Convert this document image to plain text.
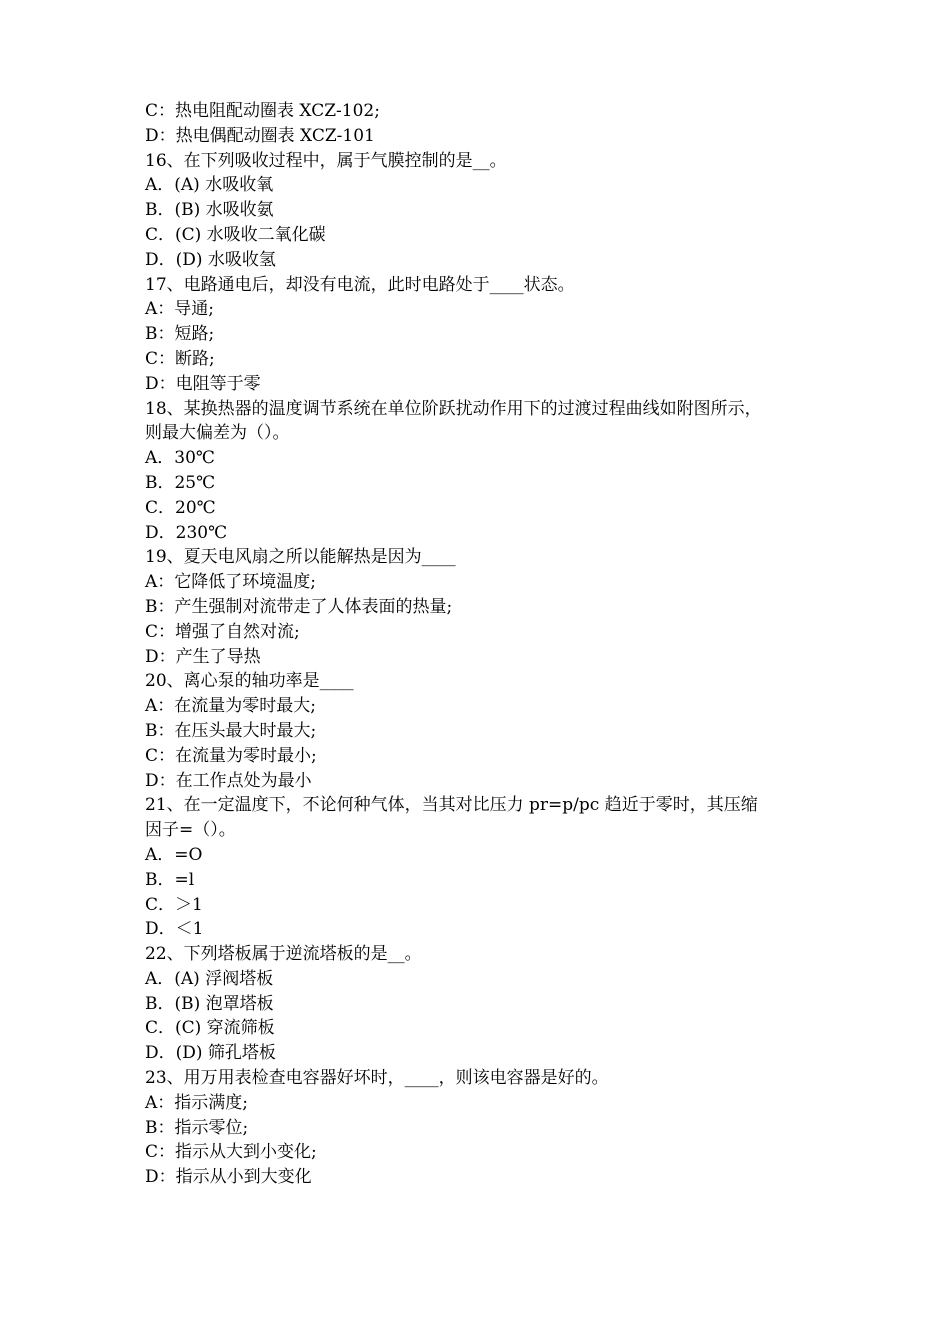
C：热电阻配动圈表 XCZ-102;
D：热电偶配动圈表 XCZ-101
16、在下列吸收过程中，属于气膜控制的是__。
A．(A) 水吸收氧
B．(B) 水吸收氨
C．(C) 水吸收二氧化碳
D．(D) 水吸收氢
17、电路通电后，却没有电流，此时电路处于____状态。
A：导通;
B：短路;
C：断路;
D：电阻等于零
18、某换热器的温度调节系统在单位阶跃扰动作用下的过渡过程曲线如附图所示，
则最大偏差为（）。
A．30℃
B．25℃
C．20℃
D．230℃
19、夏天电风扇之所以能解热是因为____
A：它降低了环境温度;
B：产生强制对流带走了人体表面的热量;
C：增强了自然对流;
D：产生了导热
20、离心泵的轴功率是____
A：在流量为零时最大;
B：在压头最大时最大;
C：在流量为零时最小;
D：在工作点处为最小
21、在一定温度下，不论何种气体，当其对比压力 pr=p/pc 趋近于零时，其压缩
因子=（）。
A．=O
B．=l
C．＞1
D．＜1
22、下列塔板属于逆流塔板的是__。
A．(A) 浮阀塔板
B．(B) 泡罩塔板
C．(C) 穿流筛板
D．(D) 筛孔塔板
23、用万用表检查电容器好坏时，____，则该电容器是好的。
A：指示满度;
B：指示零位;
C：指示从大到小变化;
D：指示从小到大变化
